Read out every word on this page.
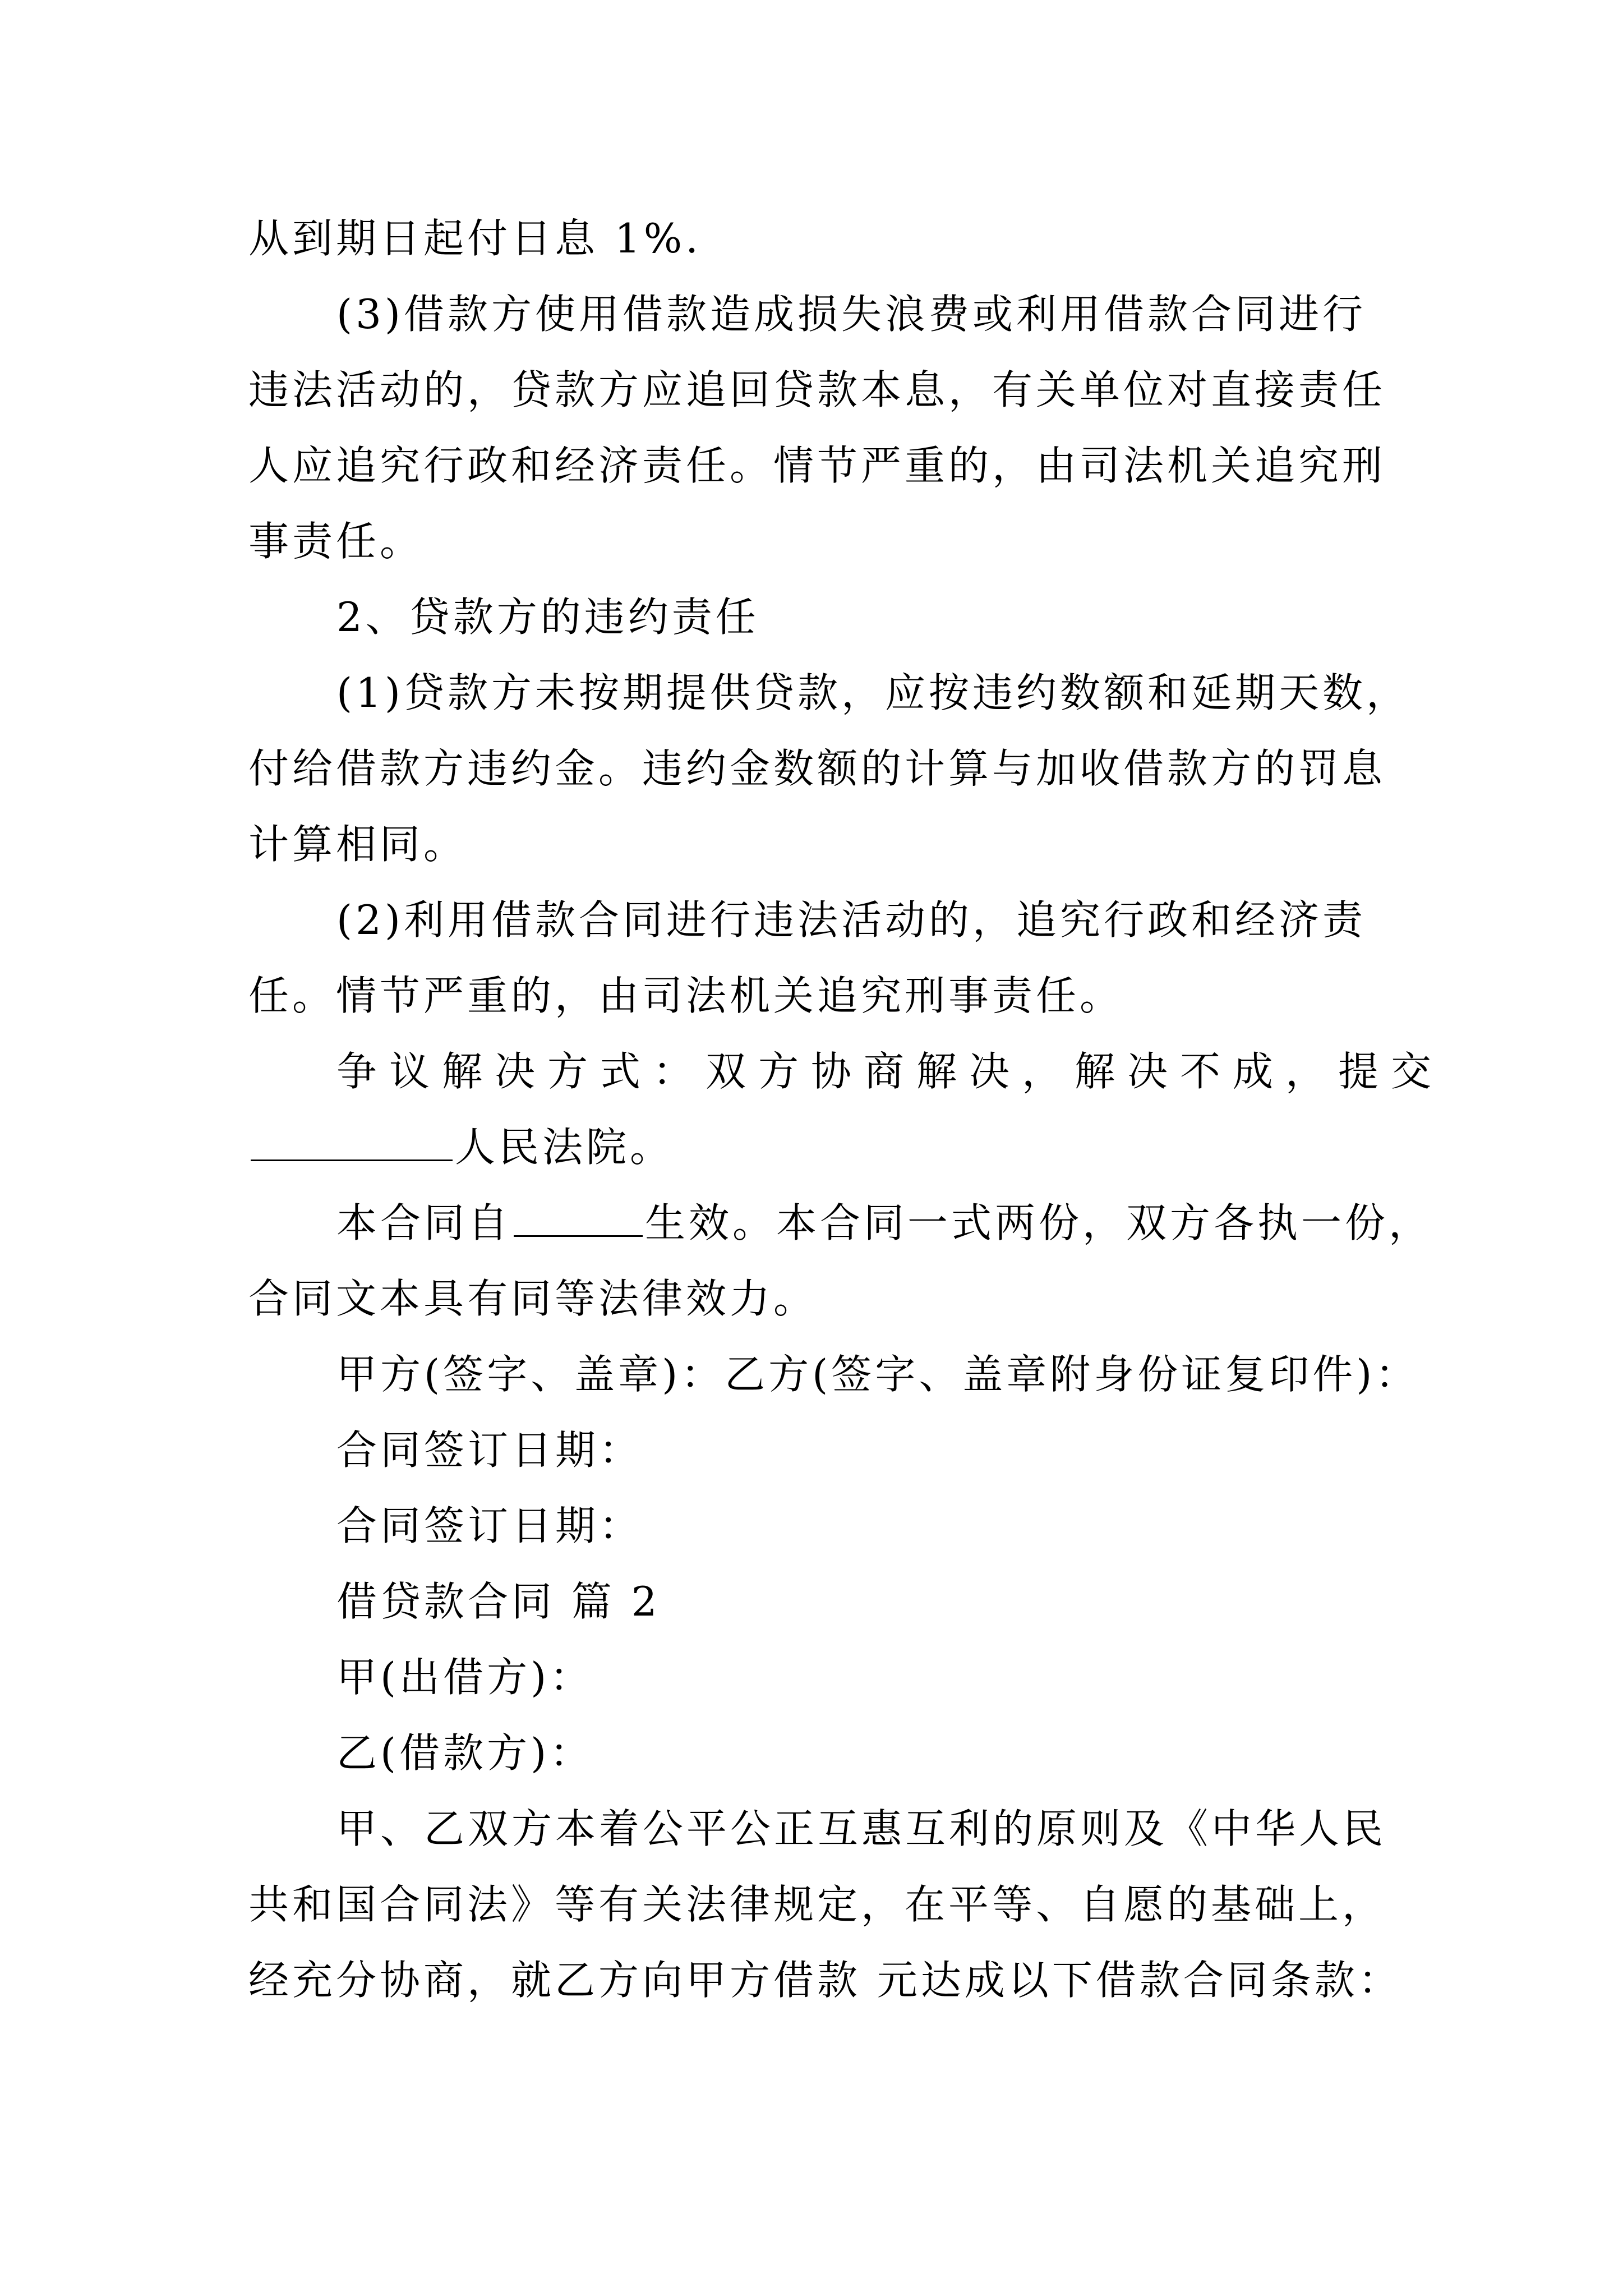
从到期日起付日息 1%.
(3)借款方使用借款造成损失浪费或利用借款合同进行
违法活动的，贷款方应追回贷款本息，有关单位对直接责任
人应追究行政和经济责任。情节严重的，由司法机关追究刑
事责任。
2、贷款方的违约责任
(1)贷款方未按期提供贷款，应按违约数额和延期天数，
付给借款方违约金。违约金数额的计算与加收借款方的罚息
计算相同。
(2)利用借款合同进行违法活动的，追究行政和经济责
任。情节严重的，由司法机关追究刑事责任。
争议解决方式：双方协商解决，解决不成，提交
人民法院。
本合同自	生效。本合同一式两份，双方各执一份，
合同文本具有同等法律效力。
甲方(签字、盖章)：乙方(签字、盖章附身份证复印件)：
合同签订日期：
合同签订日期：
借贷款合同 篇 2
甲(出借方)：
乙(借款方)：
甲、乙双方本着公平公正互惠互利的原则及《中华人民
共和国合同法》等有关法律规定，在平等、自愿的基础上，
经充分协商，就乙方向甲方借款 元达成以下借款合同条款：
